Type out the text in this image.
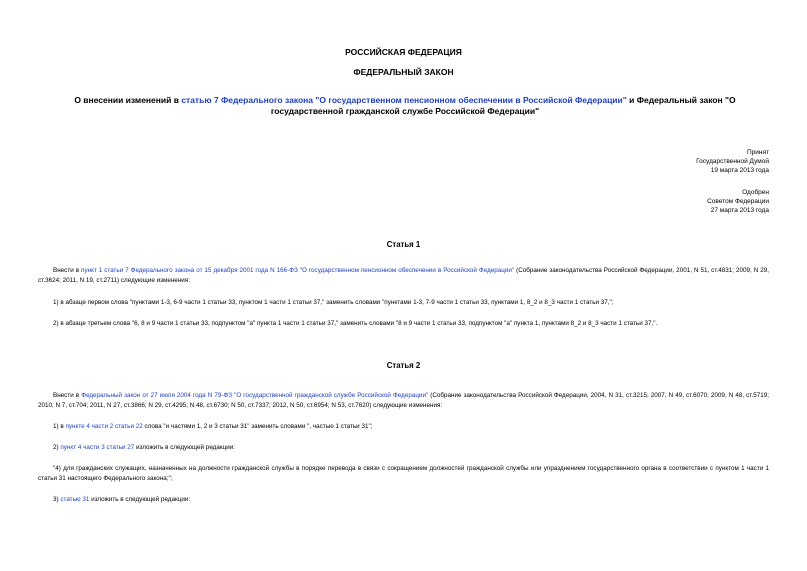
РОССИЙСКАЯ ФЕДЕРАЦИЯ
ФЕДЕРАЛЬНЫЙ ЗАКОН
О внесении изменений в статью 7 Федерального закона "О государственном пенсионном обеспечении в Российской Федерации" и Федеральный закон "О государственной гражданской службе Российской Федерации"
Принят
Государственной Думой
19 марта 2013 года
Одобрен
Советом Федерации
27 марта 2013 года
Статья 1
Внести в пункт 1 статьи 7 Федерального закона от 15 декабря 2001 года N 166-ФЗ "О государственном пенсионном обеспечении в Российской Федерации" (Собрание законодательства Российской Федерации, 2001, N 51, ст.4831; 2009, N 29, ст.3624; 2011, N 19, ст.2711) следующие изменения:
1) в абзаце первом слова "пунктами 1-3, 6-9 части 1 статьи 33, пунктом 1 части 1 статьи 37," заменить словами "пунктами 1-3, 7-9 части 1 статьи 33, пунктами 1, 8_2 и 8_3 части 1 статьи 37,";
2) в абзаце третьем слова "6, 8 и 9 части 1 статьи 33, подпунктом "а" пункта 1 части 1 статьи 37," заменить словами "8 и 9 части 1 статьи 33, подпунктом "а" пункта 1, пунктами 8_2 и 8_3 части 1 статьи 37,".
Статья 2
Внести в Федеральный закон от 27 июля 2004 года N 79-ФЗ "О государственной гражданской службе Российской Федерации" (Собрание законодательства Российской Федерации, 2004, N 31, ст.3215; 2007, N 49, ст.6070; 2009, N 48, ст.5719; 2010, N 7, ст.704; 2011, N 27, ст.3866; N 29, ст.4295; N 48, ст.6730; N 50, ст.7337; 2012, N 50, ст.6954; N 53, ст.7620) следующие изменения:
1) в пункте 4 части 2 статьи 22 слова "и частями 1, 2 и 3 статьи 31" заменить словами ", частью 1 статьи 31";
2) пункт 4 части 3 статьи 27 изложить в следующей редакции:
"4) для гражданских служащих, назначенных на должности гражданской службы в порядке перевода в связи с сокращением должностей гражданской службы или упразднением государственного органа в соответствии с пунктом 1 части 1 статьи 31 настоящего Федерального закона;";
3) статью 31 изложить в следующей редакции:
